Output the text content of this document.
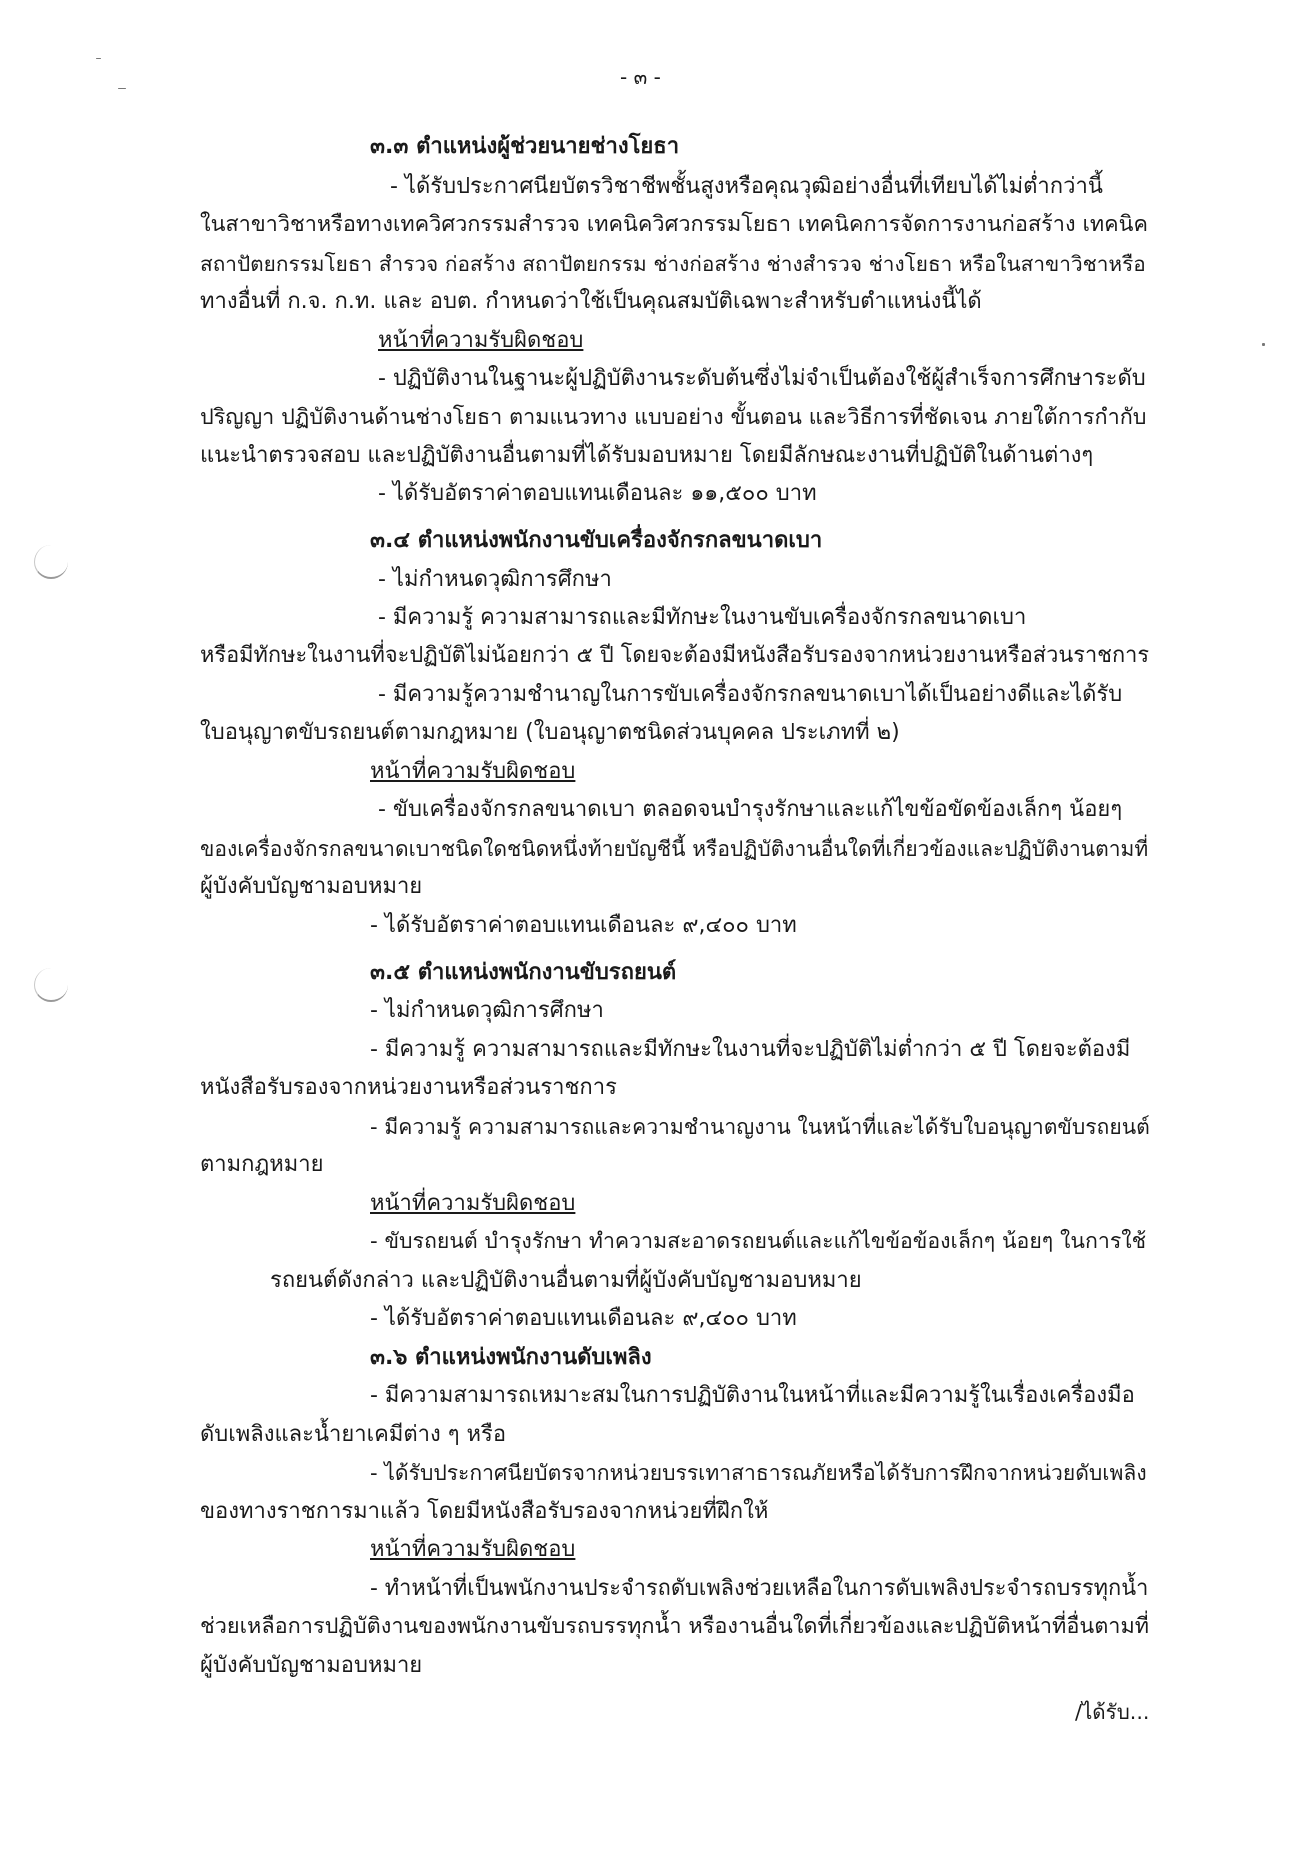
- ๓ -
๓.๓ ตำแหน่งผู้ช่วยนายช่างโยธา
- ได้รับประกาศนียบัตรวิชาชีพชั้นสูงหรือคุณวุฒิอย่างอื่นที่เทียบได้ไม่ต่ำกว่านี้
ในสาขาวิชาหรือทางเทควิศวกรรมสำรวจ เทคนิควิศวกรรมโยธา เทคนิคการจัดการงานก่อสร้าง เทคนิค
สถาปัตยกรรมโยธา สำรวจ ก่อสร้าง สถาปัตยกรรม ช่างก่อสร้าง ช่างสำรวจ ช่างโยธา หรือในสาขาวิชาหรือ
ทางอื่นที่ ก.จ. ก.ท. และ อบต. กำหนดว่าใช้เป็นคุณสมบัติเฉพาะสำหรับตำแหน่งนี้ได้
หน้าที่ความรับผิดชอบ
- ปฏิบัติงานในฐานะผู้ปฏิบัติงานระดับต้นซึ่งไม่จำเป็นต้องใช้ผู้สำเร็จการศึกษาระดับ
ปริญญา ปฏิบัติงานด้านช่างโยธา ตามแนวทาง แบบอย่าง ขั้นตอน และวิธีการที่ชัดเจน ภายใต้การกำกับ
แนะนำตรวจสอบ และปฏิบัติงานอื่นตามที่ได้รับมอบหมาย โดยมีลักษณะงานที่ปฏิบัติในด้านต่างๆ
- ได้รับอัตราค่าตอบแทนเดือนละ ๑๑,๕๐๐ บาท
๓.๔ ตำแหน่งพนักงานขับเครื่องจักรกลขนาดเบา
- ไม่กำหนดวุฒิการศึกษา
- มีความรู้ ความสามารถและมีทักษะในงานขับเครื่องจักรกลขนาดเบา
หรือมีทักษะในงานที่จะปฏิบัติไม่น้อยกว่า ๕ ปี โดยจะต้องมีหนังสือรับรองจากหน่วยงานหรือส่วนราชการ
- มีความรู้ความชำนาญในการขับเครื่องจักรกลขนาดเบาได้เป็นอย่างดีและได้รับ
ใบอนุญาตขับรถยนต์ตามกฎหมาย (ใบอนุญาตชนิดส่วนบุคคล ประเภทที่ ๒)
หน้าที่ความรับผิดชอบ
- ขับเครื่องจักรกลขนาดเบา ตลอดจนบำรุงรักษาและแก้ไขข้อขัดข้องเล็กๆ น้อยๆ
ของเครื่องจักรกลขนาดเบาชนิดใดชนิดหนึ่งท้ายบัญชีนี้ หรือปฏิบัติงานอื่นใดที่เกี่ยวข้องและปฏิบัติงานตามที่
ผู้บังคับบัญชามอบหมาย
- ได้รับอัตราค่าตอบแทนเดือนละ ๙,๔๐๐ บาท
๓.๕ ตำแหน่งพนักงานขับรถยนต์
- ไม่กำหนดวุฒิการศึกษา
- มีความรู้ ความสามารถและมีทักษะในงานที่จะปฏิบัติไม่ต่ำกว่า ๕ ปี โดยจะต้องมี
หนังสือรับรองจากหน่วยงานหรือส่วนราชการ
- มีความรู้ ความสามารถและความชำนาญงาน ในหน้าที่และได้รับใบอนุญาตขับรถยนต์
ตามกฎหมาย
หน้าที่ความรับผิดชอบ
- ขับรถยนต์ บำรุงรักษา ทำความสะอาดรถยนต์และแก้ไขข้อข้องเล็กๆ น้อยๆ ในการใช้
รถยนต์ดังกล่าว และปฏิบัติงานอื่นตามที่ผู้บังคับบัญชามอบหมาย
- ได้รับอัตราค่าตอบแทนเดือนละ ๙,๔๐๐ บาท
๓.๖ ตำแหน่งพนักงานดับเพลิง
- มีความสามารถเหมาะสมในการปฏิบัติงานในหน้าที่และมีความรู้ในเรื่องเครื่องมือ
ดับเพลิงและน้ำยาเคมีต่าง ๆ หรือ
- ได้รับประกาศนียบัตรจากหน่วยบรรเทาสาธารณภัยหรือได้รับการฝึกจากหน่วยดับเพลิง
ของทางราชการมาแล้ว โดยมีหนังสือรับรองจากหน่วยที่ฝึกให้
หน้าที่ความรับผิดชอบ
- ทำหน้าที่เป็นพนักงานประจำรถดับเพลิงช่วยเหลือในการดับเพลิงประจำรถบรรทุกน้ำ
ช่วยเหลือการปฏิบัติงานของพนักงานขับรถบรรทุกน้ำ หรืองานอื่นใดที่เกี่ยวข้องและปฏิบัติหน้าที่อื่นตามที่
ผู้บังคับบัญชามอบหมาย
/ได้รับ...
